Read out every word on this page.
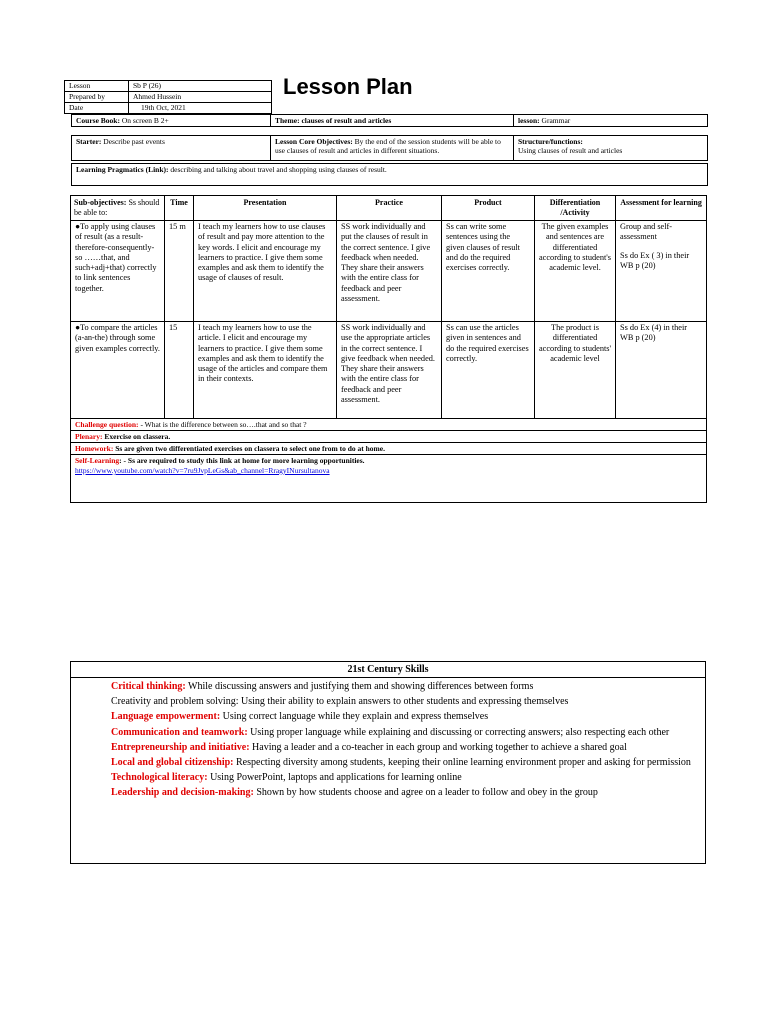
Lesson	Sb P (26)
Prepared by	Ahmed Hussein
Date	19th Oct, 2021
Lesson Plan
Course Book: On screen B 2+	Theme: clauses of result and articles	lesson: Grammar
Starter: Describe past events	Lesson Core Objectives: By the end of the session students will be able to use clauses of result and articles in different situations.	Structure/functions:
Using clauses of result and articles
Learning Pragmatics (Link): describing and talking about travel and shopping using clauses of result.
Sub-objectives: Ss should be able to:	Time	Presentation	Practice	Product	Differentiation /Activity	Assessment for learning
●To apply using clauses of result (as a result-therefore-consequently- so ……that, and such+adj+that) correctly to link sentences together.	15 m	I teach my learners how to use clauses of result and pay more attention to the key words. I elicit and encourage my learners to practice. I give them some examples and ask them to identify the usage of clauses of result.	SS work individually and put the clauses of result in the correct sentence. I give feedback when needed. They share their answers with the entire class for feedback and peer assessment.	Ss can write some sentences using the given clauses of result and do the required exercises correctly.	The given examples and sentences are differentiated according to student's academic level.	Group and self-assessment
Ss do Ex ( 3) in their WB p (20)

●To compare the articles (a-an-the) through some given examples correctly.	15	I teach my learners how to use the article. I elicit and encourage my learners to practice. I give them some examples and ask them to identify the usage of the articles and compare them in their contexts.	SS work individually and use the appropriate articles in the correct sentence. I give feedback when needed. They share their answers with the entire class for feedback and peer assessment.	Ss can use the articles given in sentences and do the required exercises correctly.	The product is differentiated according to students' academic level	Ss do Ex (4) in their WB p (20)
Challenge question: - What is the difference between so….that and so that ?						
Plenary: Exercise on classera.						
Homework: Ss are given two differentiated exercises on classera to select one from to do at home.						
Self-Learning: - Ss are required to study this link at home for more learning opportunities.
https://www.youtube.com/watch?v=7ru9JvpLeGs&ab_channel=RragyINursultanova						
21st Century Skills

Critical thinking: While discussing answers and justifying them and showing differences between forms
Creativity and problem solving: Using their ability to explain answers to other students and expressing themselves
Language empowerment: Using correct language while they explain and express themselves
Communication and teamwork: Using proper language while explaining and discussing or correcting answers; also respecting each other
Entrepreneurship and initiative: Having a leader and a co-teacher in each group and working together to achieve a shared goal
Local and global citizenship: Respecting diversity among students, keeping their online learning environment proper and asking for permission
Technological literacy: Using PowerPoint, laptops and applications for learning online
Leadership and decision-making: Shown by how students choose and agree on a leader to follow and obey in the group
